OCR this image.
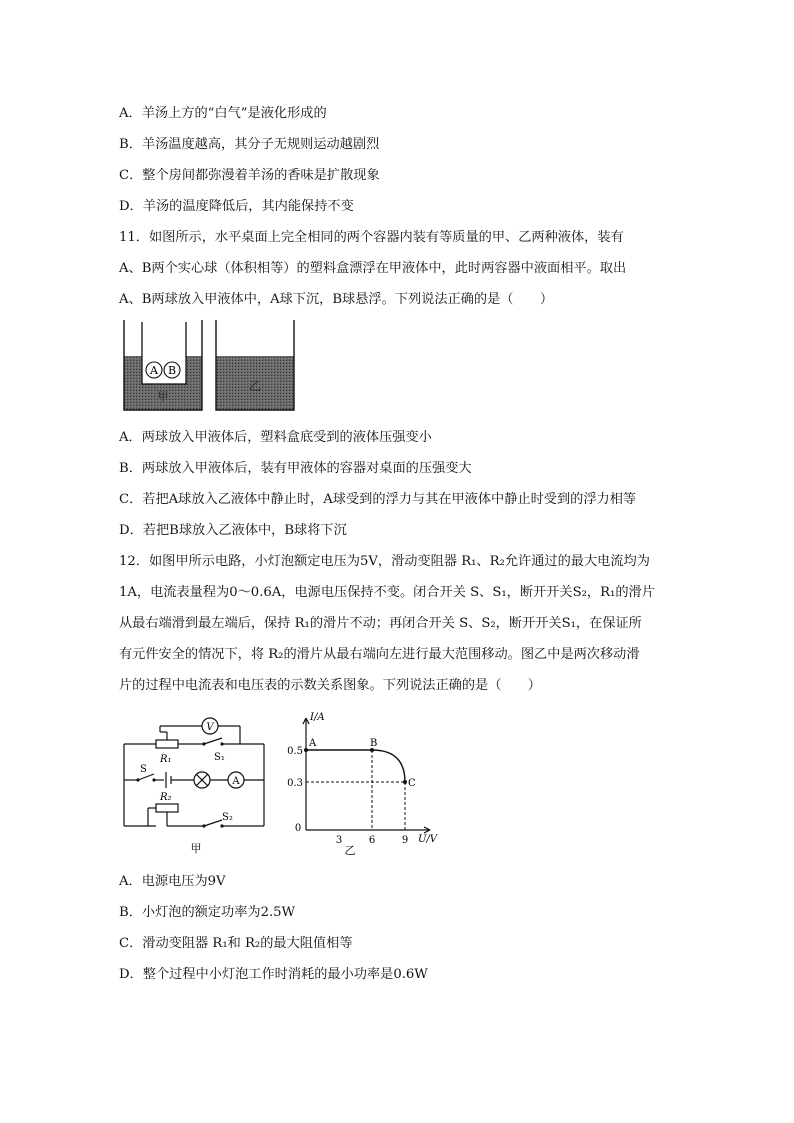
A．羊汤上方的“白气”是液化形成的
B．羊汤温度越高，其分子无规则运动越剧烈
C．整个房间都弥漫着羊汤的香味是扩散现象
D．羊汤的温度降低后，其内能保持不变
11．如图所示，水平桌面上完全相同的两个容器内装有等质量的甲、乙两种液体，装有
A、B两个实心球（体积相等）的塑料盒漂浮在甲液体中，此时两容器中液面相平。取出
A、B两球放入甲液体中，A球下沉，B球悬浮。下列说法正确的是（　　）
A B
甲
乙
A．两球放入甲液体后，塑料盒底受到的液体压强变小
B．两球放入甲液体后，装有甲液体的容器对桌面的压强变大
C．若把A球放入乙液体中静止时，A球受到的浮力与其在甲液体中静止时受到的浮力相等
D．若把B球放入乙液体中，B球将下沉
12．如图甲所示电路，小灯泡额定电压为5V，滑动变阻器 R₁、R₂允许通过的最大电流均为
1A，电流表量程为0～0.6A，电源电压保持不变。闭合开关 S、S₁，断开开关S₂，R₁的滑片
从最右端滑到最左端后，保持 R₁的滑片不动；再闭合开关 S、S₂，断开开关S₁，在保证所
有元件安全的情况下，将 R₂的滑片从最右端向左进行最大范围移动。图乙中是两次移动滑
片的过程中电流表和电压表的示数关系图象。下列说法正确的是（　　）
V
A
R₁
R₂
S
S₁
S₂
甲
A	B
C
0
3	6	9
0.3
0.5
I/A
U/V
乙
A．电源电压为9V
B．小灯泡的额定功率为2.5W
C．滑动变阻器 R₁和 R₂的最大阻值相等
D．整个过程中小灯泡工作时消耗的最小功率是0.6W
